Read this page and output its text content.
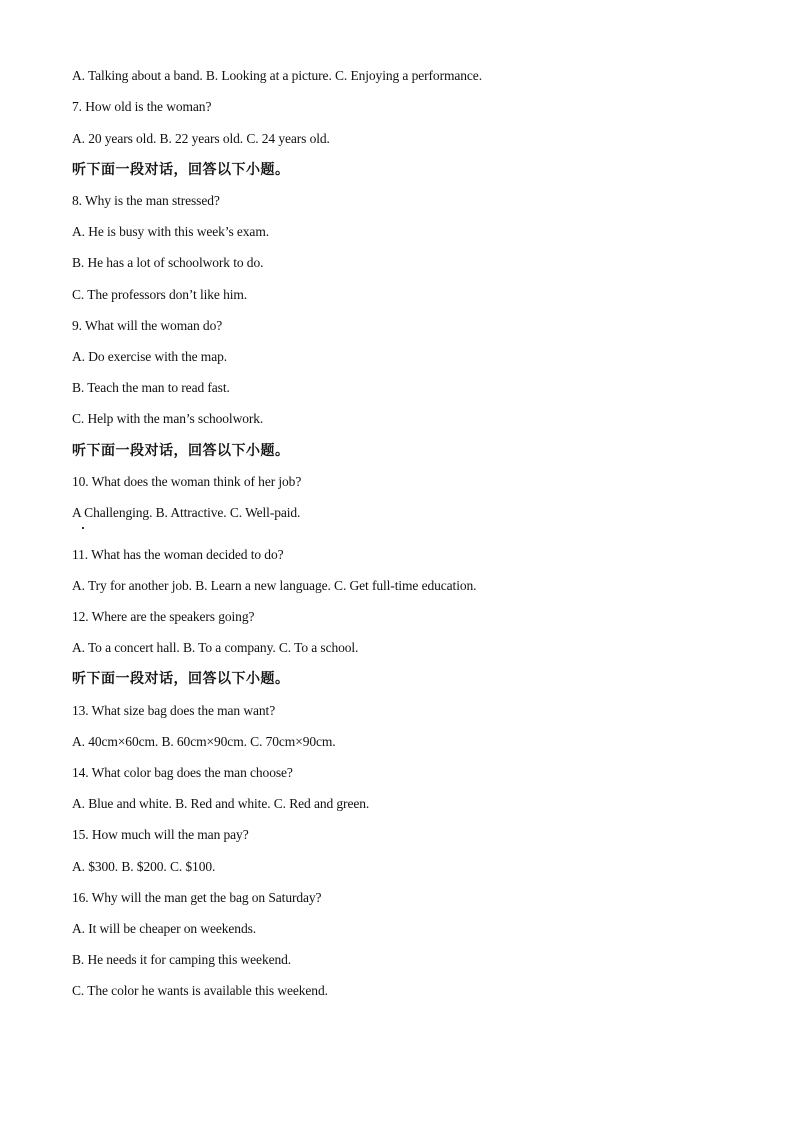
A. Talking about a band. B. Looking at a picture. C. Enjoying a performance.
7. How old is the woman?
A. 20 years old. B. 22 years old. C. 24 years old.
听下面一段对话，回答以下小题。
8. Why is the man stressed?
A. He is busy with this week’s exam.
B. He has a lot of schoolwork to do.
C. The professors don’t like him.
9. What will the woman do?
A. Do exercise with the map.
B. Teach the man to read fast.
C. Help with the man’s schoolwork.
听下面一段对话，回答以下小题。
10. What does the woman think of her job?
A Challenging. B. Attractive. C. Well-paid.
11. What has the woman decided to do?
A. Try for another job. B. Learn a new language. C. Get full-time education.
12. Where are the speakers going?
A. To a concert hall. B. To a company. C. To a school.
听下面一段对话，回答以下小题。
13. What size bag does the man want?
A. 40cm×60cm. B. 60cm×90cm. C. 70cm×90cm.
14. What color bag does the man choose?
A. Blue and white. B. Red and white. C. Red and green.
15. How much will the man pay?
A. $300. B. $200. C. $100.
16. Why will the man get the bag on Saturday?
A. It will be cheaper on weekends.
B. He needs it for camping this weekend.
C. The color he wants is available this weekend.
